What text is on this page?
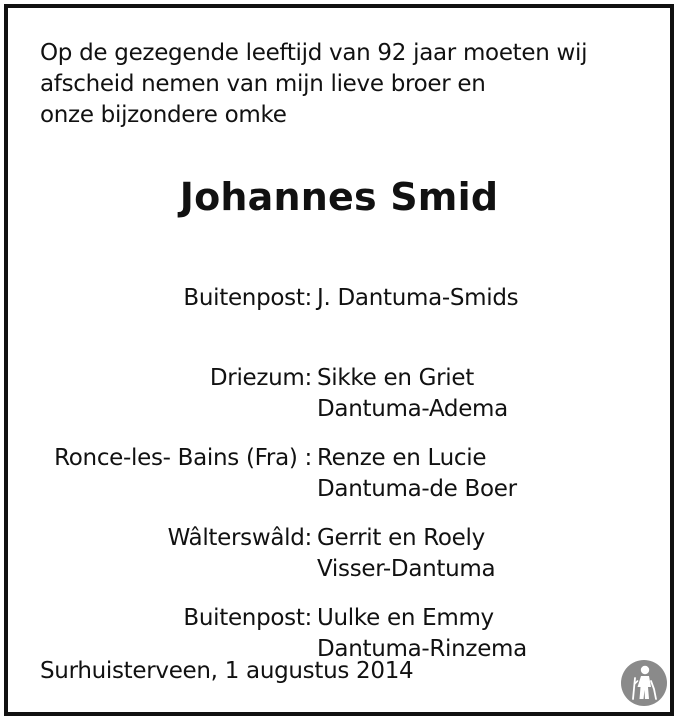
Op de gezegende leeftijd van 92 jaar moeten wij
afscheid nemen van mijn lieve broer en
onze bijzondere omke
Johannes Smid
Buitenpost: J. Dantuma-Smids
Driezum: Sikke en Griet
Dantuma-Adema
Ronce-les- Bains (Fra) : Renze en Lucie
Dantuma-de Boer
Wâlterswâld: Gerrit en Roely
Visser-Dantuma
Buitenpost: Uulke en Emmy
Dantuma-Rinzema
Surhuisterveen, 1 augustus 2014
